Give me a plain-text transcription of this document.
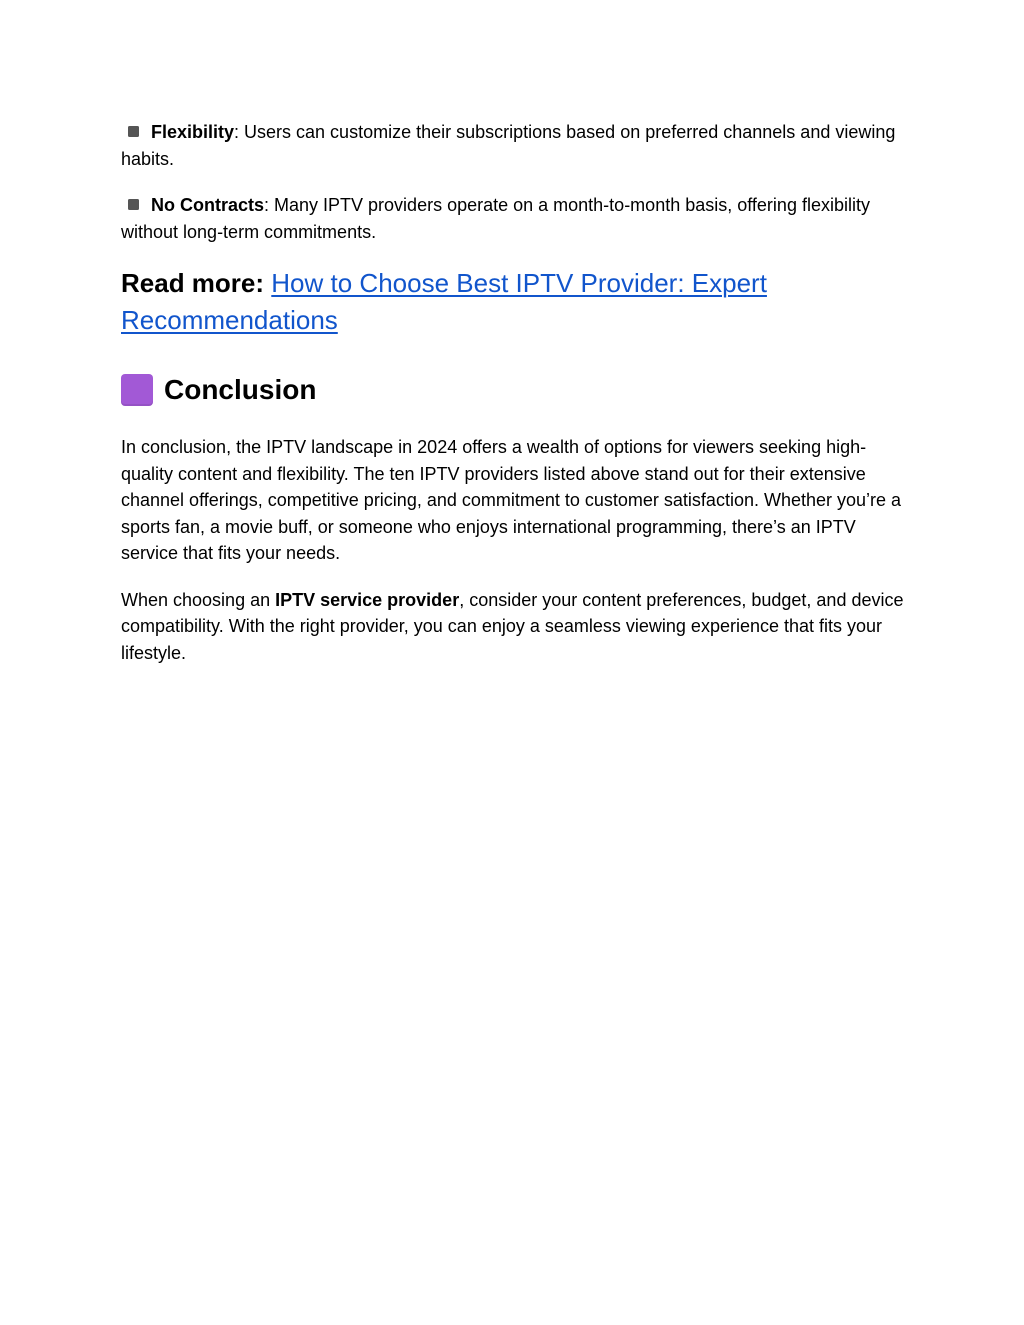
Flexibility: Users can customize their subscriptions based on preferred channels and viewing habits.

No Contracts: Many IPTV providers operate on a month-to-month basis, offering flexibility without long-term commitments.

Read more: How to Choose Best IPTV Provider: Expert Recommendations

Conclusion

In conclusion, the IPTV landscape in 2024 offers a wealth of options for viewers seeking high-quality content and flexibility. The ten IPTV providers listed above stand out for their extensive channel offerings, competitive pricing, and commitment to customer satisfaction. Whether you’re a sports fan, a movie buff, or someone who enjoys international programming, there’s an IPTV service that fits your needs.

When choosing an IPTV service provider, consider your content preferences, budget, and device compatibility. With the right provider, you can enjoy a seamless viewing experience that fits your lifestyle.
